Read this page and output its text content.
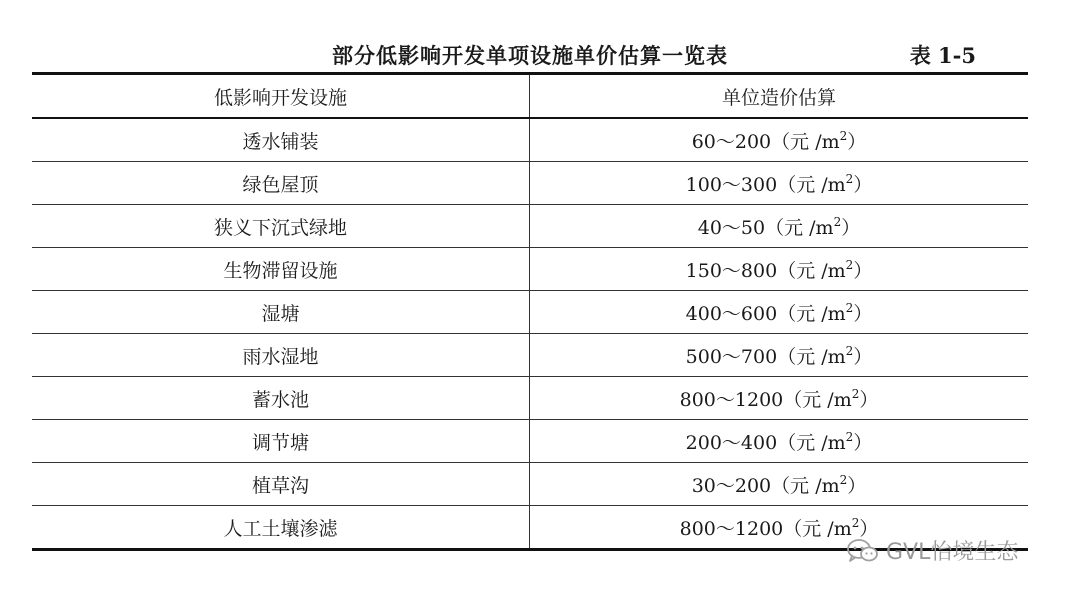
部分低影响开发单项设施单价估算一览表	表 1-5
低影响开发设施	单位造价估算
透水铺装	60～200（元 $/m^2$）
绿色屋顶	100～300（元 $/m^2$）
狭义下沉式绿地	40～50（元 $/m^2$）
生物滞留设施	150～800（元 $/m^2$）
湿塘	400～600（元 $/m^2$）
雨水湿地	500～700（元 $/m^2$）
蓄水池	800～1200（元 $/m^2$）
调节塘	200～400（元 $/m^2$）
植草沟	30～200（元 $/m^2$）
人工土壤渗滤	800～1200（元 $/m^2$）
GVL怡境生态
